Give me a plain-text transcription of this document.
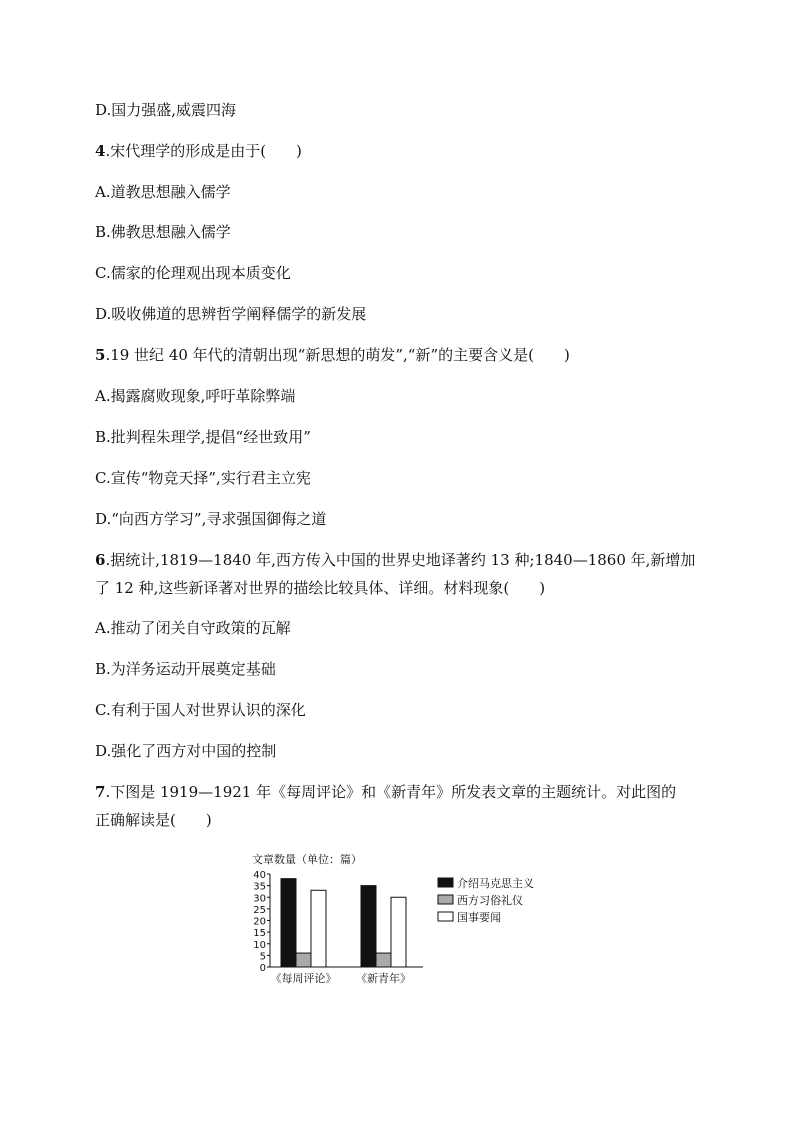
D.国力强盛,威震四海
4.宋代理学的形成是由于(　　)
A.道教思想融入儒学
B.佛教思想融入儒学
C.儒家的伦理观出现本质变化
D.吸收佛道的思辨哲学阐释儒学的新发展
5.19 世纪 40 年代的清朝出现“新思想的萌发”,“新”的主要含义是(　　)
A.揭露腐败现象,呼吁革除弊端
B.批判程朱理学,提倡“经世致用”
C.宣传“物竞天择”,实行君主立宪
D.“向西方学习”,寻求强国御侮之道
6.据统计,1819—1840 年,西方传入中国的世界史地译著约 13 种;1840—1860 年,新增加
了 12 种,这些新译著对世界的描绘比较具体、详细。材料现象(　　)
A.推动了闭关自守政策的瓦解
B.为洋务运动开展奠定基础
C.有利于国人对世界认识的深化
D.强化了西方对中国的控制
7.下图是 1919—1921 年《每周评论》和《新青年》所发表文章的主题统计。对此图的
正确解读是(　　)
文章数量（单位：篇）
0
5
10
15
20
25
30
35
40
《每周评论》 《新青年》
介绍马克思主义
西方习俗礼仪
国事要闻
